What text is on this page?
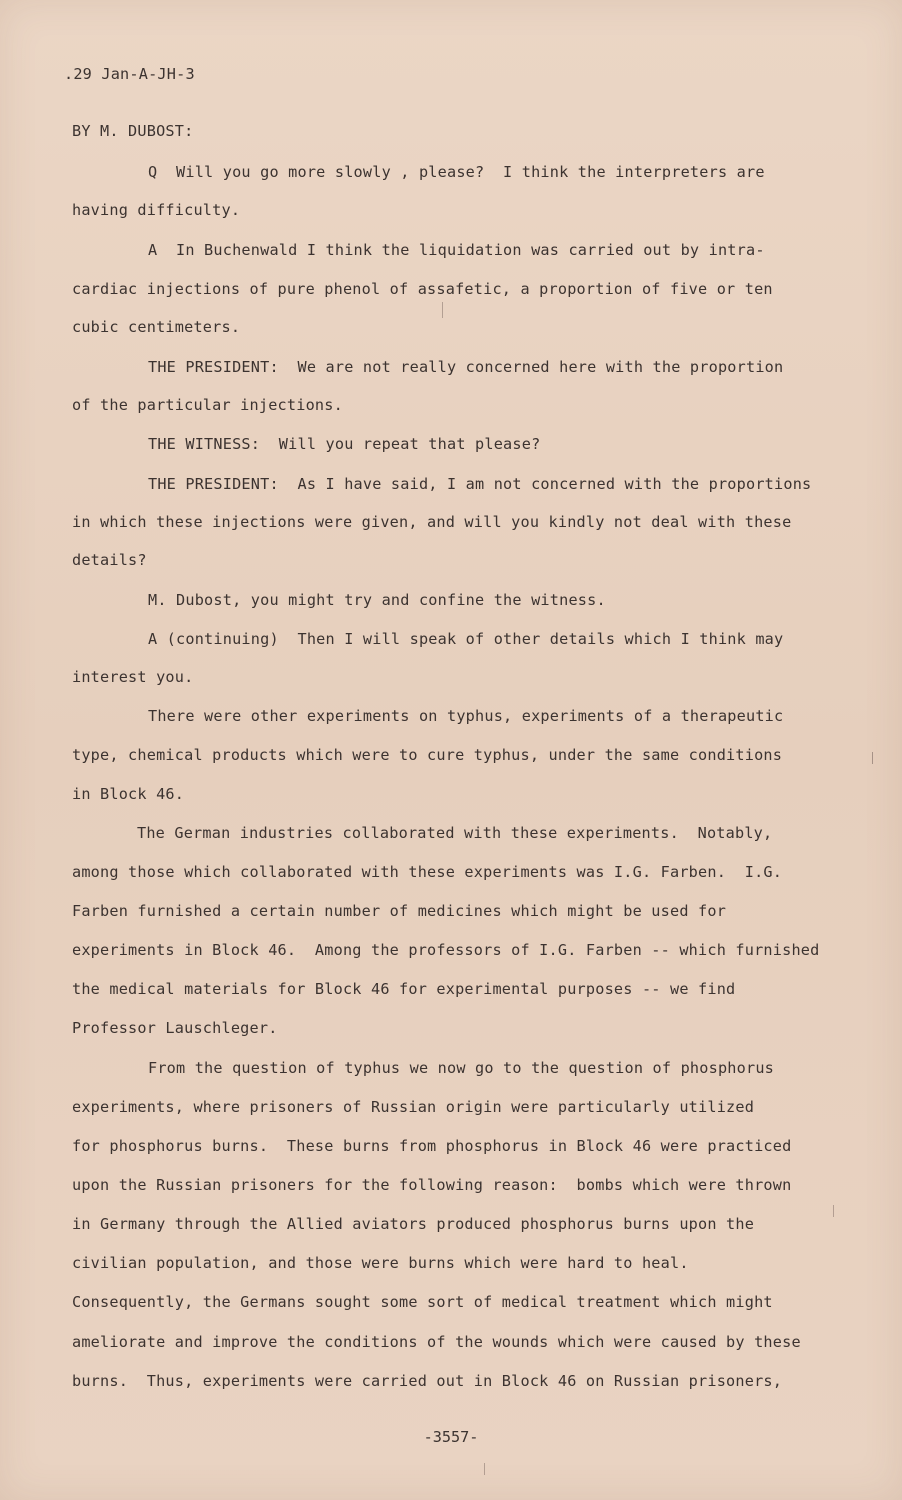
.29 Jan-A-JH-3
BY M. DUBOST:
Q  Will you go more slowly , please?  I think the interpreters are
having difficulty.
A  In Buchenwald I think the liquidation was carried out by intra-
cardiac injections of pure phenol of assafetic, a proportion of five or ten
cubic centimeters.
THE PRESIDENT:  We are not really concerned here with the proportion
of the particular injections.
THE WITNESS:  Will you repeat that please?
THE PRESIDENT:  As I have said, I am not concerned with the proportions
in which these injections were given, and will you kindly not deal with these
details?
M. Dubost, you might try and confine the witness.
A (continuing)  Then I will speak of other details which I think may
interest you.
There were other experiments on typhus, experiments of a therapeutic
type, chemical products which were to cure typhus, under the same conditions
in Block 46.
The German industries collaborated with these experiments.  Notably,
among those which collaborated with these experiments was I.G. Farben.  I.G.
Farben furnished a certain number of medicines which might be used for
experiments in Block 46.  Among the professors of I.G. Farben -- which furnished
the medical materials for Block 46 for experimental purposes -- we find
Professor Lauschleger.
From the question of typhus we now go to the question of phosphorus
experiments, where prisoners of Russian origin were particularly utilized
for phosphorus burns.  These burns from phosphorus in Block 46 were practiced
upon the Russian prisoners for the following reason:  bombs which were thrown
in Germany through the Allied aviators produced phosphorus burns upon the
civilian population, and those were burns which were hard to heal.
Consequently, the Germans sought some sort of medical treatment which might
ameliorate and improve the conditions of the wounds which were caused by these
burns.  Thus, experiments were carried out in Block 46 on Russian prisoners,
-3557-
